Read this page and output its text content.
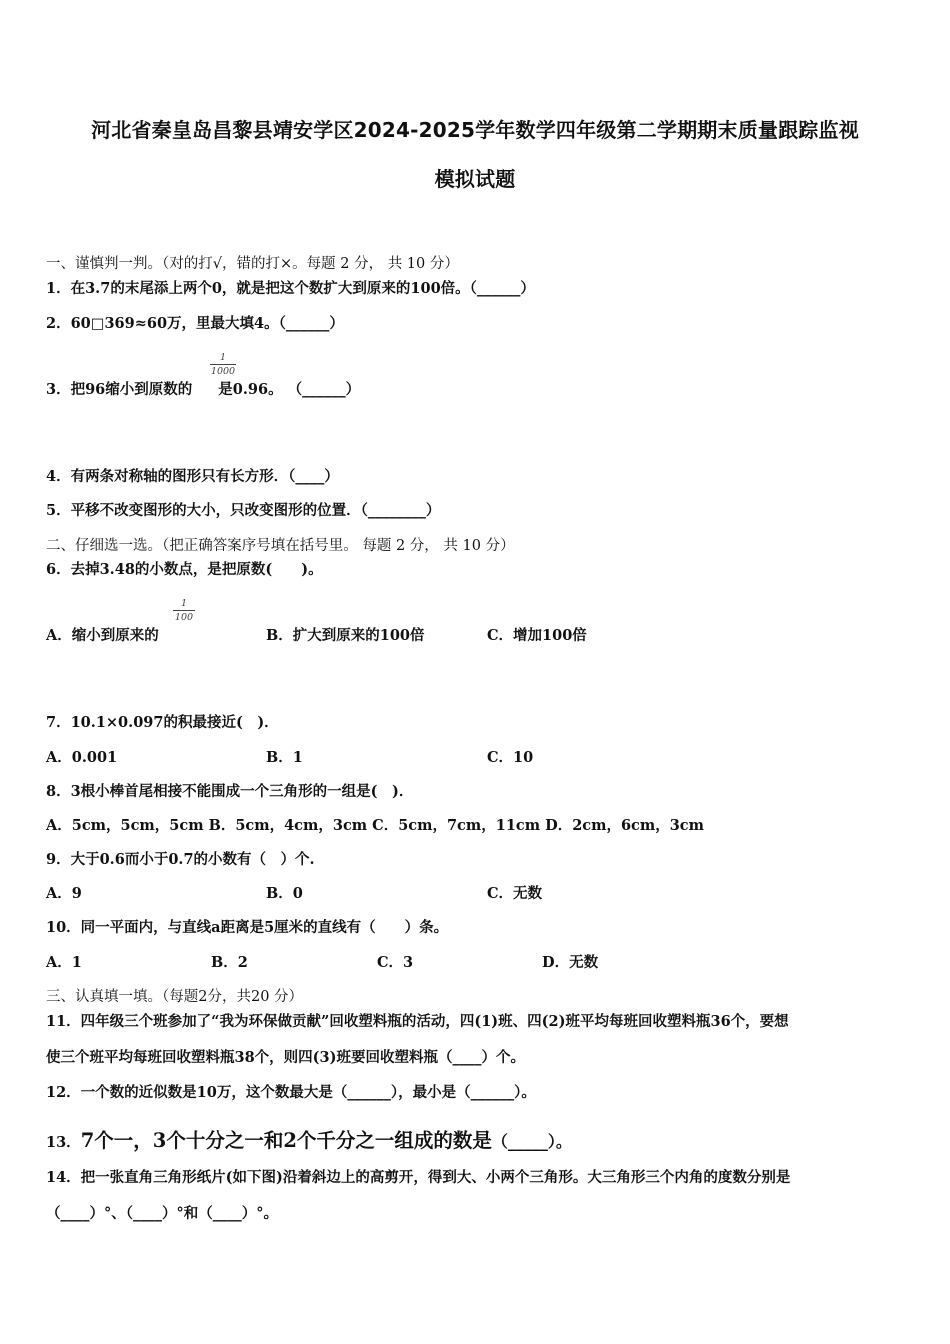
河北省秦皇岛昌黎县靖安学区2024-2025学年数学四年级第二学期期末质量跟踪监视
模拟试题
一、谨慎判一判。（对的打√，错的打×。每题 2 分， 共 10 分）
1．在3.7的末尾添上两个0，就是把这个数扩大到原来的100倍。（______）
2．60□369≈60万，里最大填4。（______）
3．把96缩小到原数的 是0.96。 （______）
1
1000
4．有两条对称轴的图形只有长方形．（____）
5．平移不改变图形的大小，只改变图形的位置．（________）
二、仔细选一选。（把正确答案序号填在括号里。 每题 2 分， 共 10 分）
6．去掉3.48的小数点，是把原数(　　)。
A．缩小到原来的
1
100
B．扩大到原来的100倍	C．增加100倍
7．10.1×0.097的积最接近(　)．
A．0.001	B．1	C．10
8．3根小棒首尾相接不能围成一个三角形的一组是(　)．
A．5cm，5cm，5cm B．5cm，4cm，3cm C．5cm，7cm，11cm D．2cm，6cm，3cm
9．大于0.6而小于0.7的小数有（　）个.
A．9	B．0	C．无数
10．同一平面内，与直线a距离是5厘米的直线有（　　）条。
A．1	B．2	C．3	D．无数
三、认真填一填。（每题2分，共20 分）
11．四年级三个班参加了“我为环保做贡献”回收塑料瓶的活动，四(1)班、四(2)班平均每班回收塑料瓶36个，要想
使三个班平均每班回收塑料瓶38个，则四(3)班要回收塑料瓶（____）个。
12．一个数的近似数是10万，这个数最大是（______），最小是（______）。
13．7个一，3个十分之一和2个千分之一组成的数是（_____）。
14．把一张直角三角形纸片(如下图)沿着斜边上的高剪开，得到大、小两个三角形。大三角形三个内角的度数分别是
（____）°、（____）°和（____）°。
